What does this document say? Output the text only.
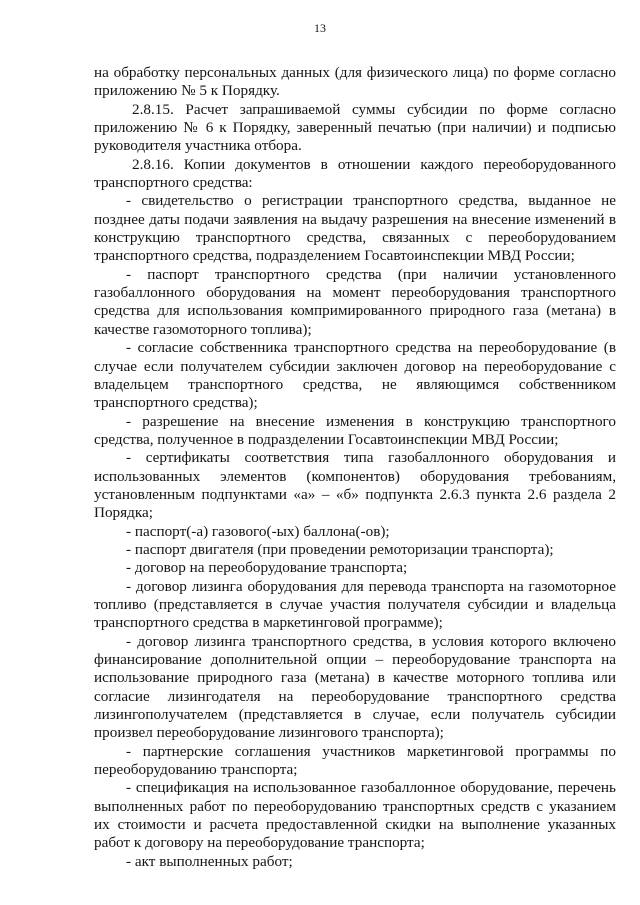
13

на обработку персональных данных (для физического лица) по форме согласно приложению № 5 к Порядку.

2.8.15. Расчет запрашиваемой суммы субсидии по форме согласно приложению № 6 к Порядку, заверенный печатью (при наличии) и подписью руководителя участника отбора.

2.8.16. Копии документов в отношении каждого переоборудованного транспортного средства:

- свидетельство о регистрации транспортного средства, выданное не позднее даты подачи заявления на выдачу разрешения на внесение изменений в конструкцию транспортного средства, связанных с переоборудованием транспортного средства, подразделением Госавтоинспекции МВД России;

- паспорт транспортного средства (при наличии установленного газобаллонного оборудования на момент переоборудования транспортного средства для использования компримированного природного газа (метана) в качестве газомоторного топлива);

- согласие собственника транспортного средства на переоборудование (в случае если получателем субсидии заключен договор на переоборудование с владельцем транспортного средства, не являющимся собственником транспортного средства);

- разрешение на внесение изменения в конструкцию транспортного средства, полученное в подразделении Госавтоинспекции МВД России;

- сертификаты соответствия типа газобаллонного оборудования и использованных элементов (компонентов) оборудования требованиям, установленным подпунктами «а» – «б» подпункта 2.6.3 пункта 2.6 раздела 2 Порядка;

- паспорт(-а) газового(-ых) баллона(-ов);

- паспорт двигателя (при проведении ремоторизации транспорта);

- договор на переоборудование транспорта;

- договор лизинга оборудования для перевода транспорта на газомоторное топливо (представляется в случае участия получателя субсидии и владельца транспортного средства в маркетинговой программе);

- договор лизинга транспортного средства, в условия которого включено финансирование дополнительной опции – переоборудование транспорта на использование природного газа (метана) в качестве моторного топлива или согласие лизингодателя на переоборудование транспортного средства лизингополучателем (представляется в случае, если получатель субсидии произвел переоборудование лизингового транспорта);

- партнерские соглашения участников маркетинговой программы по переоборудованию транспорта;

- спецификация на использованное газобаллонное оборудование, перечень выполненных работ по переоборудованию транспортных средств с указанием их стоимости и расчета предоставленной скидки на выполнение указанных работ к договору на переоборудование транспорта;

- акт выполненных работ;
